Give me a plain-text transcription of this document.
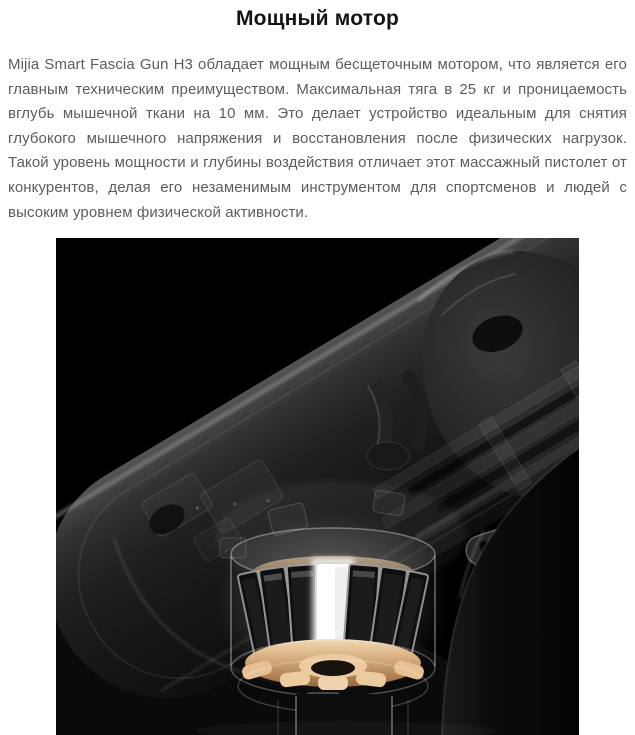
Мощный мотор

Mijia Smart Fascia Gun H3 обладает мощным бесщеточным мотором, что является его главным техническим преимуществом. Максимальная тяга в 25 кг и проницаемость вглубь мышечной ткани на 10 мм. Это делает устройство идеальным для снятия глубокого мышечного напряжения и восстановления после физических нагрузок. Такой уровень мощности и глубины воздействия отличает этот массажный пистолет от конкурентов, делая его незаменимым инструментом для спортсменов и людей с высоким уровнем физической активности.
